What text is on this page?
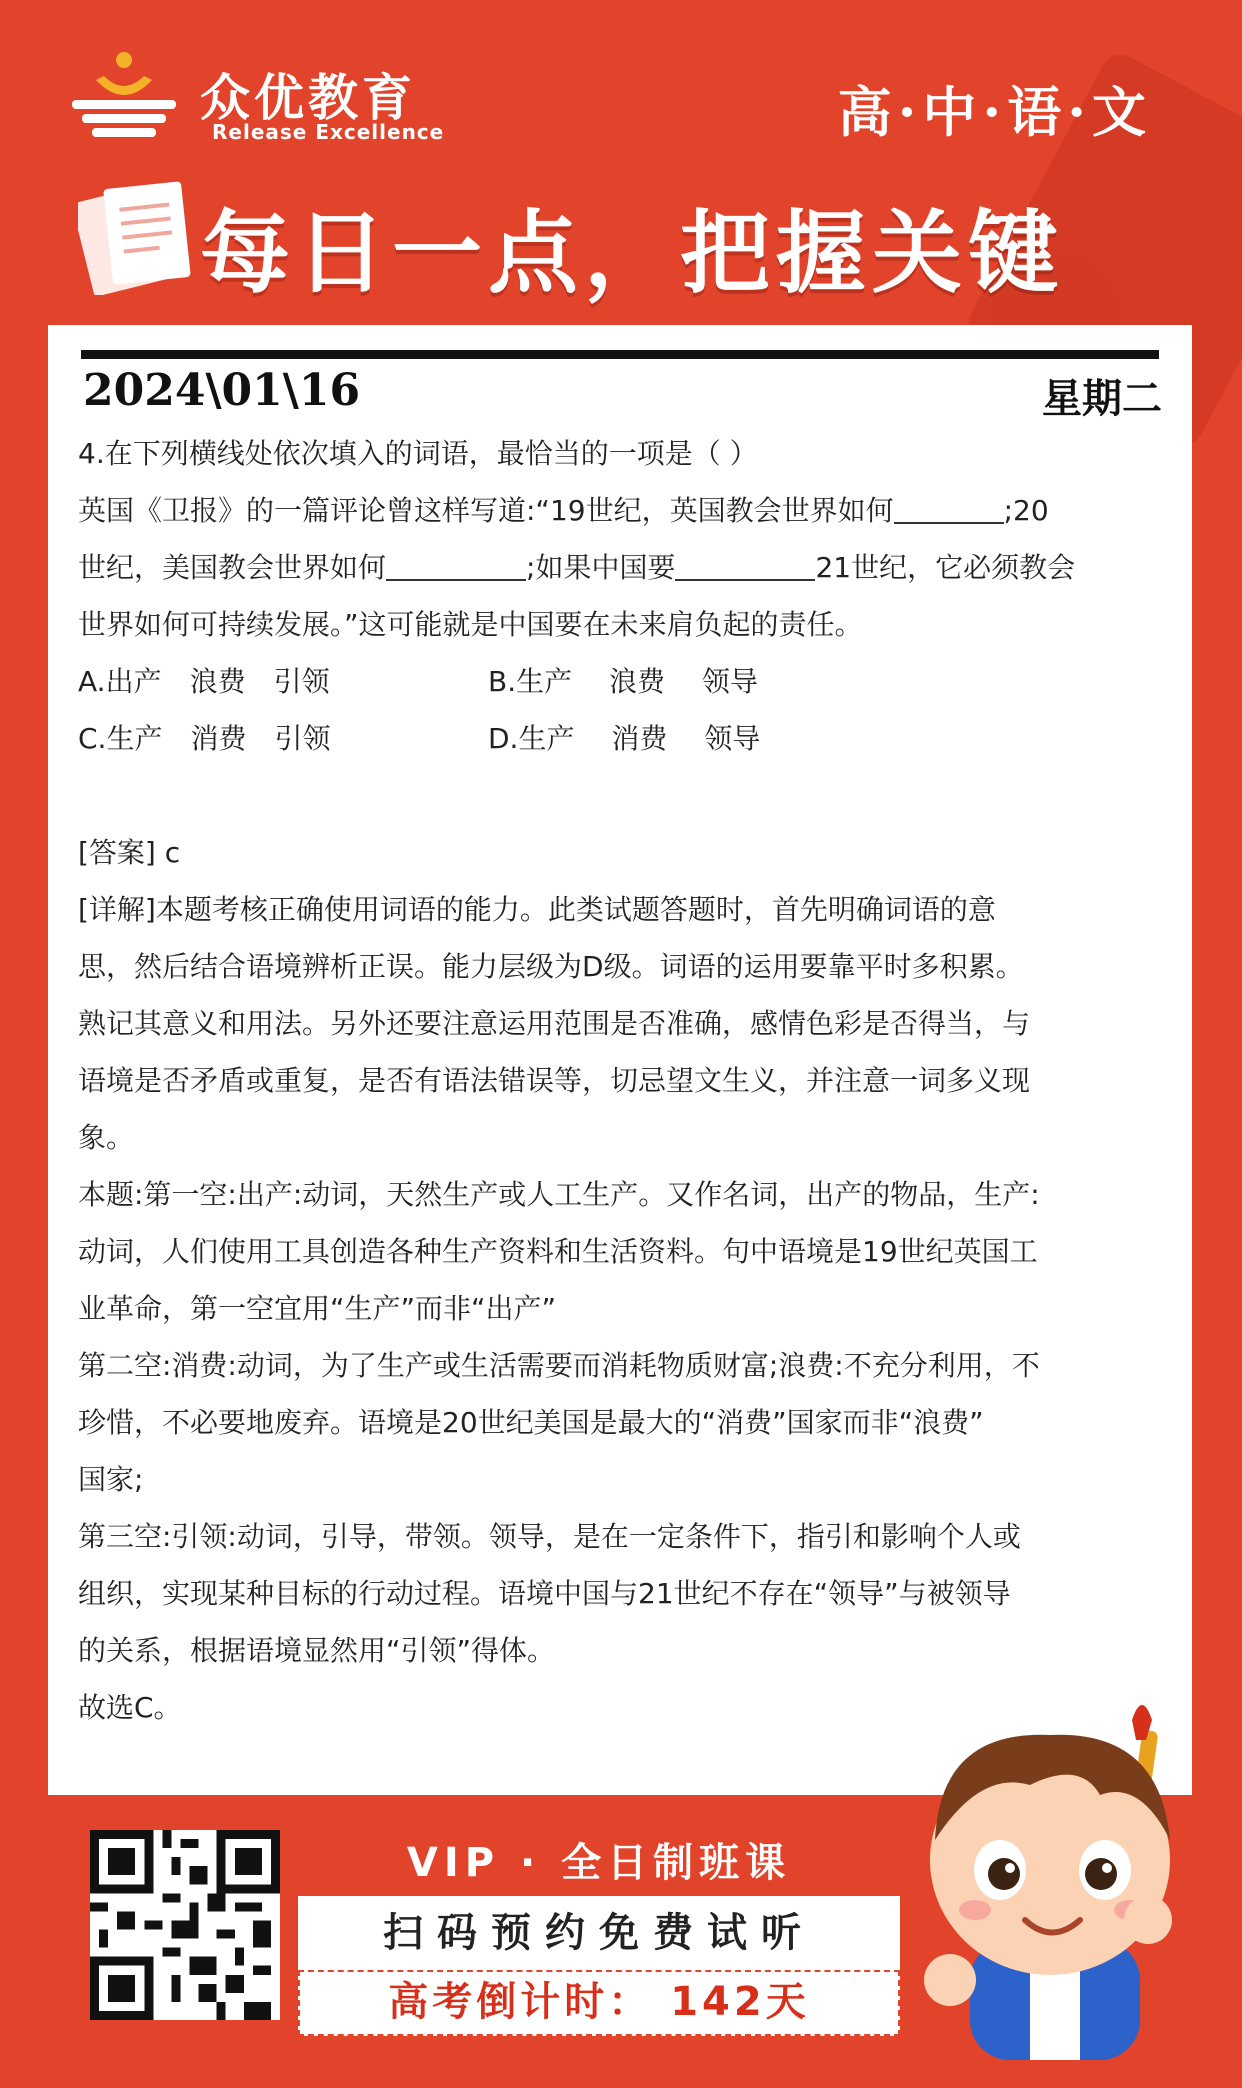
众优教育
Release Excellence	高·中·语·文
每日一点，把握关键
2024\01\16	星期二

4.在下列横线处依次填入的词语，最恰当的一项是（ ）

英国《卫报》的一篇评论曾这样写道:“19世纪，英国教会世界如何	;20

世纪，美国教会世界如何	;如果中国要	21世纪，它必须教会

世界如何可持续发展。”这可能就是中国要在未来肩负起的责任。

A.出产　浪费　引领	B.生产　 浪费　 领导

C.生产　消费　引领	D.生产　 消费　 领导

[答案] c

[详解]本题考核正确使用词语的能力。此类试题答题时，首先明确词语的意

思，然后结合语境辨析正误。能力层级为D级。词语的运用要靠平时多积累。

熟记其意义和用法。另外还要注意运用范围是否准确，感情色彩是否得当，与

语境是否矛盾或重复，是否有语法错误等，切忌望文生义，并注意一词多义现

象。

本题:第一空:出产:动词，天然生产或人工生产。又作名词，出产的物品，生产:

动词，人们使用工具创造各种生产资料和生活资料。句中语境是19世纪英国工

业革命，第一空宜用“生产”而非“出产”

第二空:消费:动词，为了生产或生活需要而消耗物质财富;浪费:不充分利用，不

珍惜，不必要地废弃。语境是20世纪美国是最大的“消费”国家而非“浪费”

国家;

第三空:引领:动词，引导，带领。领导，是在一定条件下，指引和影响个人或

组织，实现某种目标的行动过程。语境中国与21世纪不存在“领导”与被领导

的关系，根据语境显然用“引领”得体。

故选C。

VIP · 全日制班课
扫码预约免费试听
高考倒计时： 142天
